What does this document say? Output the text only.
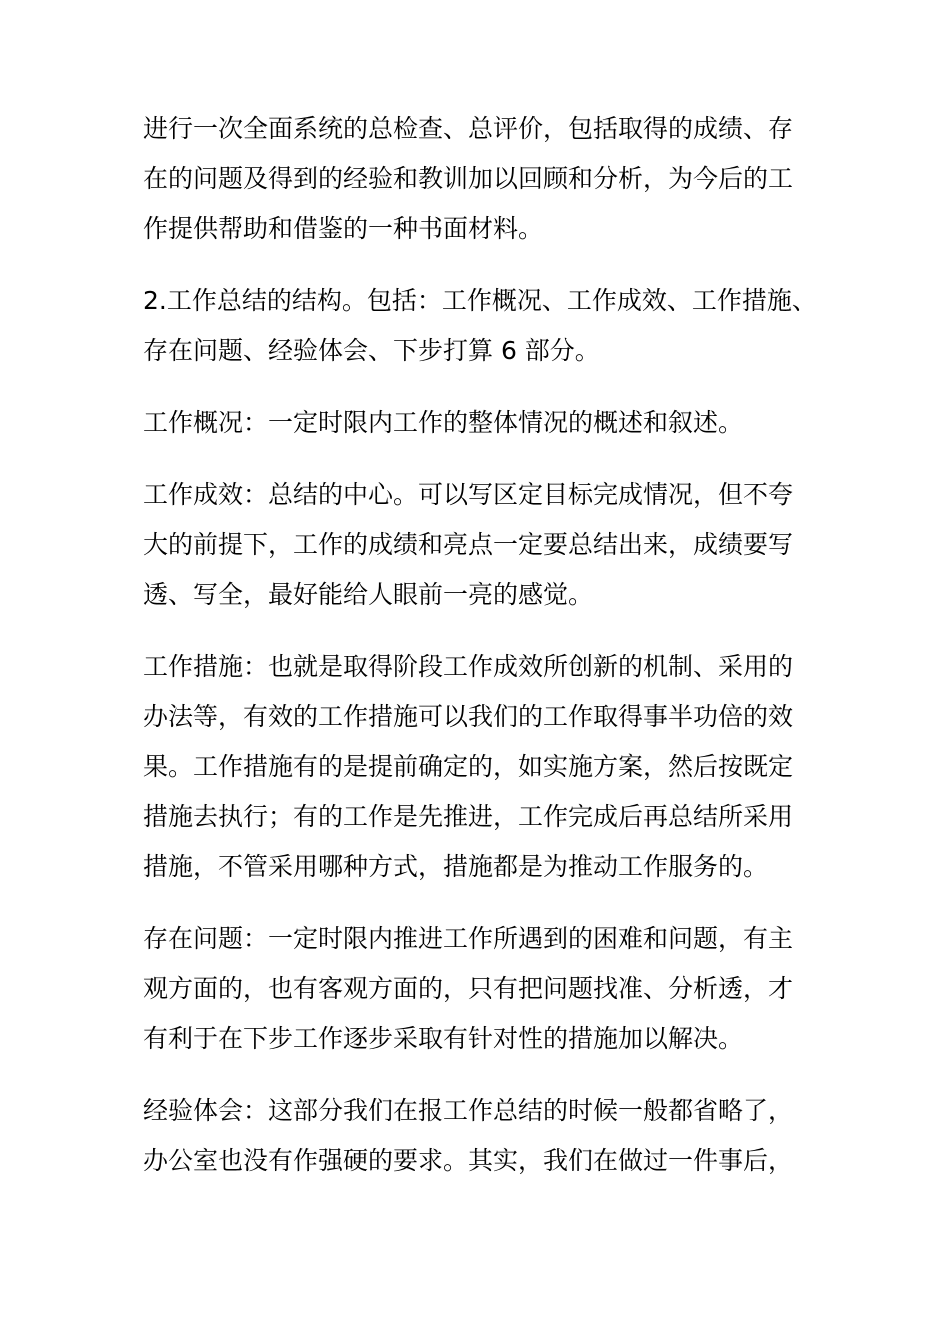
进行一次全面系统的总检查、总评价，包括取得的成绩、存
在的问题及得到的经验和教训加以回顾和分析，为今后的工
作提供帮助和借鉴的一种书面材料。
2.工作总结的结构。包括：工作概况、工作成效、工作措施、
存在问题、经验体会、下步打算 6 部分。
工作概况：一定时限内工作的整体情况的概述和叙述。
工作成效：总结的中心。可以写区定目标完成情况，但不夸
大的前提下，工作的成绩和亮点一定要总结出来，成绩要写
透、写全，最好能给人眼前一亮的感觉。
工作措施：也就是取得阶段工作成效所创新的机制、采用的
办法等，有效的工作措施可以我们的工作取得事半功倍的效
果。工作措施有的是提前确定的，如实施方案，然后按既定
措施去执行；有的工作是先推进，工作完成后再总结所采用
措施，不管采用哪种方式，措施都是为推动工作服务的。
存在问题：一定时限内推进工作所遇到的困难和问题，有主
观方面的，也有客观方面的，只有把问题找准、分析透，才
有利于在下步工作逐步采取有针对性的措施加以解决。
经验体会：这部分我们在报工作总结的时候一般都省略了，
办公室也没有作强硬的要求。其实，我们在做过一件事后，
